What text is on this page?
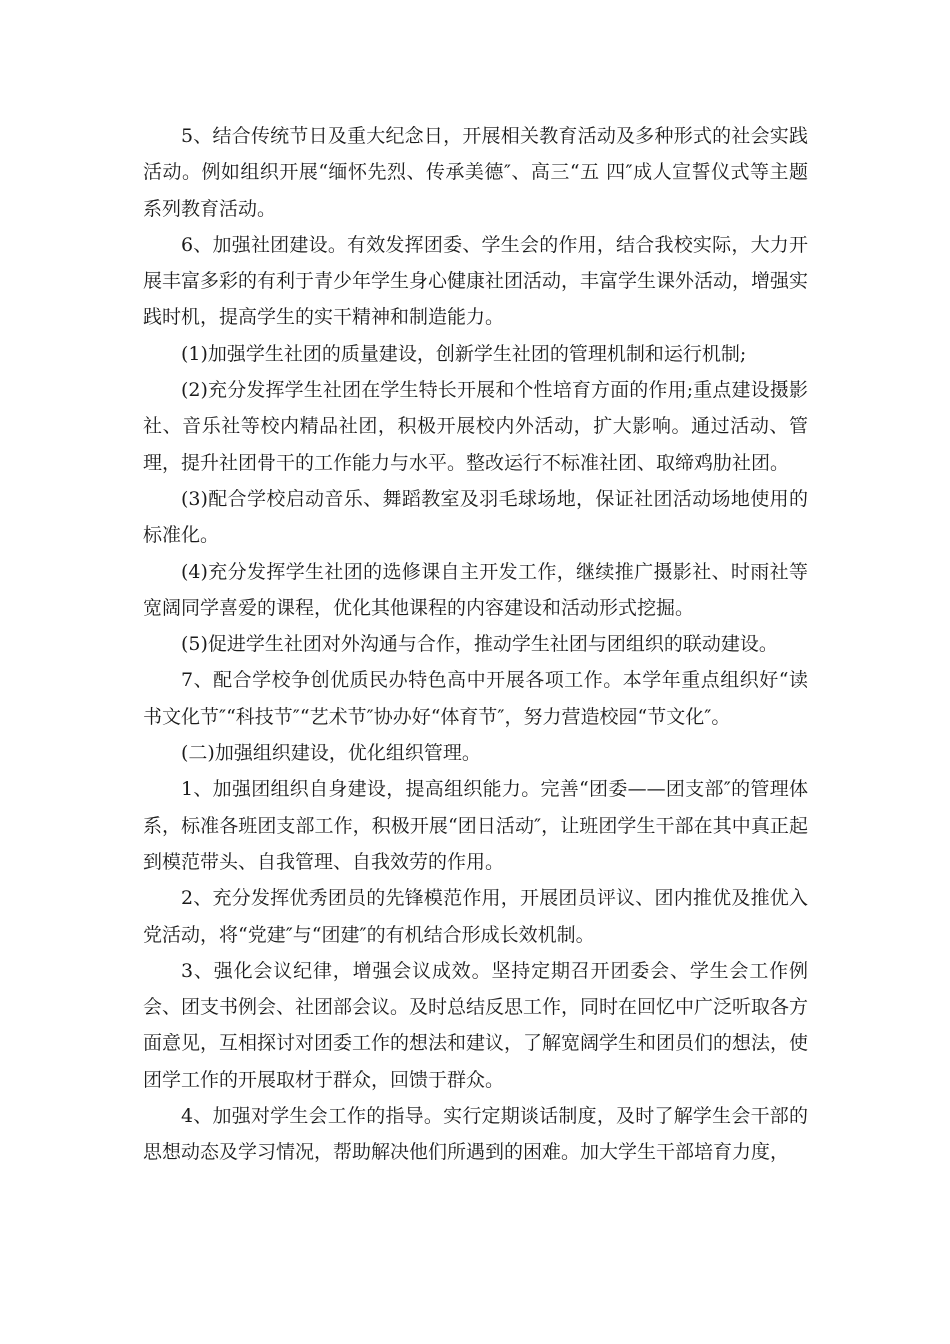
5、结合传统节日及重大纪念日，开展相关教育活动及多种形式的社会实践活动。例如组织开展“缅怀先烈、传承美德″、高三“五 四″成人宣誓仪式等主题系列教育活动。

6、加强社团建设。有效发挥团委、学生会的作用，结合我校实际，大力开展丰富多彩的有利于青少年学生身心健康社团活动，丰富学生课外活动，增强实践时机，提高学生的实干精神和制造能力。

(1)加强学生社团的质量建设，创新学生社团的管理机制和运行机制;

(2)充分发挥学生社团在学生特长开展和个性培育方面的作用;重点建设摄影社、音乐社等校内精品社团，积极开展校内外活动，扩大影响。通过活动、管理，提升社团骨干的工作能力与水平。整改运行不标准社团、取缔鸡肋社团。

(3)配合学校启动音乐、舞蹈教室及羽毛球场地，保证社团活动场地使用的标准化。

(4)充分发挥学生社团的选修课自主开发工作，继续推广摄影社、时雨社等宽阔同学喜爱的课程，优化其他课程的内容建设和活动形式挖掘。

(5)促进学生社团对外沟通与合作，推动学生社团与团组织的联动建设。

7、配合学校争创优质民办特色高中开展各项工作。本学年重点组织好“读书文化节″“科技节″“艺术节″协办好“体育节″，努力营造校园“节文化″。

(二)加强组织建设，优化组织管理。

1、加强团组织自身建设，提高组织能力。完善“团委——团支部″的管理体系，标准各班团支部工作，积极开展“团日活动″，让班团学生干部在其中真正起到模范带头、自我管理、自我效劳的作用。

2、充分发挥优秀团员的先锋模范作用，开展团员评议、团内推优及推优入党活动，将“党建″与“团建″的有机结合形成长效机制。

3、强化会议纪律，增强会议成效。坚持定期召开团委会、学生会工作例会、团支书例会、社团部会议。及时总结反思工作，同时在回忆中广泛听取各方面意见，互相探讨对团委工作的想法和建议，了解宽阔学生和团员们的想法，使团学工作的开展取材于群众，回馈于群众。

4、加强对学生会工作的指导。实行定期谈话制度，及时了解学生会干部的思想动态及学习情况，帮助解决他们所遇到的困难。加大学生干部培育力度，
